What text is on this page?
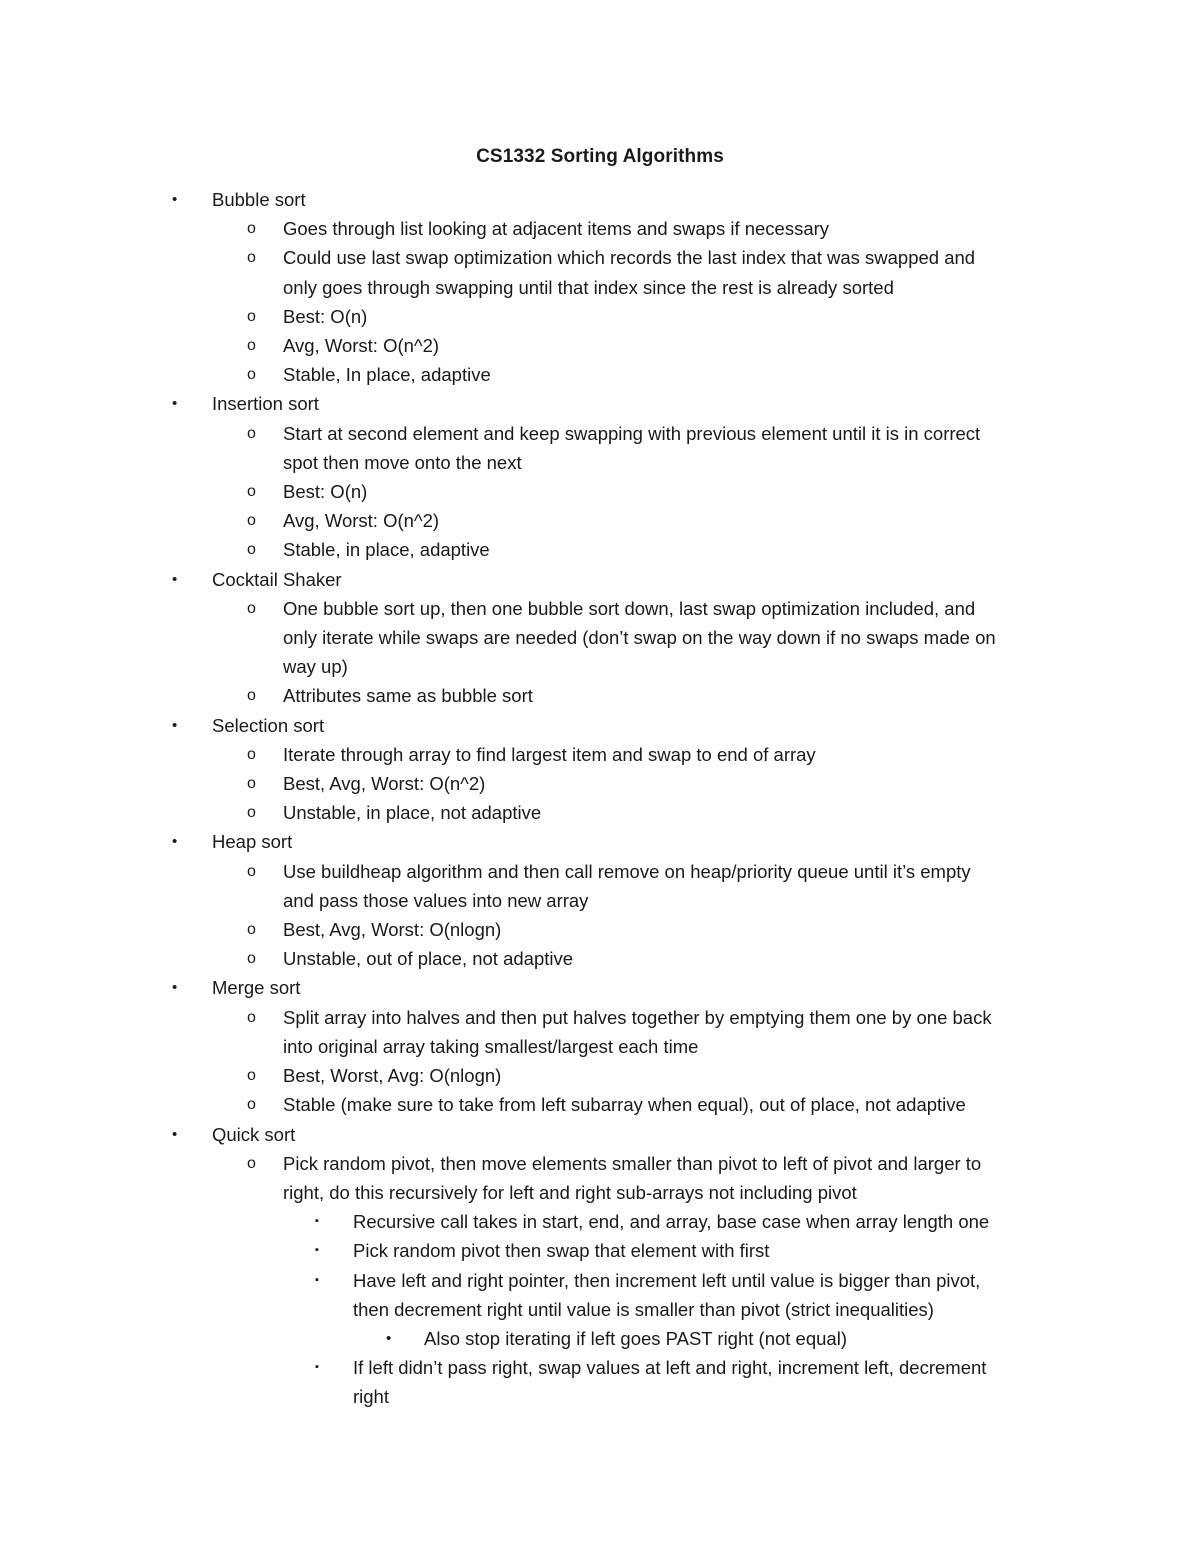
CS1332 Sorting Algorithms
• Bubble sort
o Goes through list looking at adjacent items and swaps if necessary
o Could use last swap optimization which records the last index that was swapped and
only goes through swapping until that index since the rest is already sorted
o Best: O(n)
o Avg, Worst: O(n^2)
o Stable, In place, adaptive
• Insertion sort
o Start at second element and keep swapping with previous element until it is in correct
spot then move onto the next
o Best: O(n)
o Avg, Worst: O(n^2)
o Stable, in place, adaptive
• Cocktail Shaker
o One bubble sort up, then one bubble sort down, last swap optimization included, and
only iterate while swaps are needed (don’t swap on the way down if no swaps made on
way up)
o Attributes same as bubble sort
• Selection sort
o Iterate through array to find largest item and swap to end of array
o Best, Avg, Worst: O(n^2)
o Unstable, in place, not adaptive
• Heap sort
o Use buildheap algorithm and then call remove on heap/priority queue until it’s empty
and pass those values into new array
o Best, Avg, Worst: O(nlogn)
o Unstable, out of place, not adaptive
• Merge sort
o Split array into halves and then put halves together by emptying them one by one back
into original array taking smallest/largest each time
o Best, Worst, Avg: O(nlogn)
o Stable (make sure to take from left subarray when equal), out of place, not adaptive
• Quick sort
o Pick random pivot, then move elements smaller than pivot to left of pivot and larger to
right, do this recursively for left and right sub-arrays not including pivot
▪ Recursive call takes in start, end, and array, base case when array length one
▪ Pick random pivot then swap that element with first
▪ Have left and right pointer, then increment left until value is bigger than pivot,
then decrement right until value is smaller than pivot (strict inequalities)
• Also stop iterating if left goes PAST right (not equal)
▪ If left didn’t pass right, swap values at left and right, increment left, decrement
right
